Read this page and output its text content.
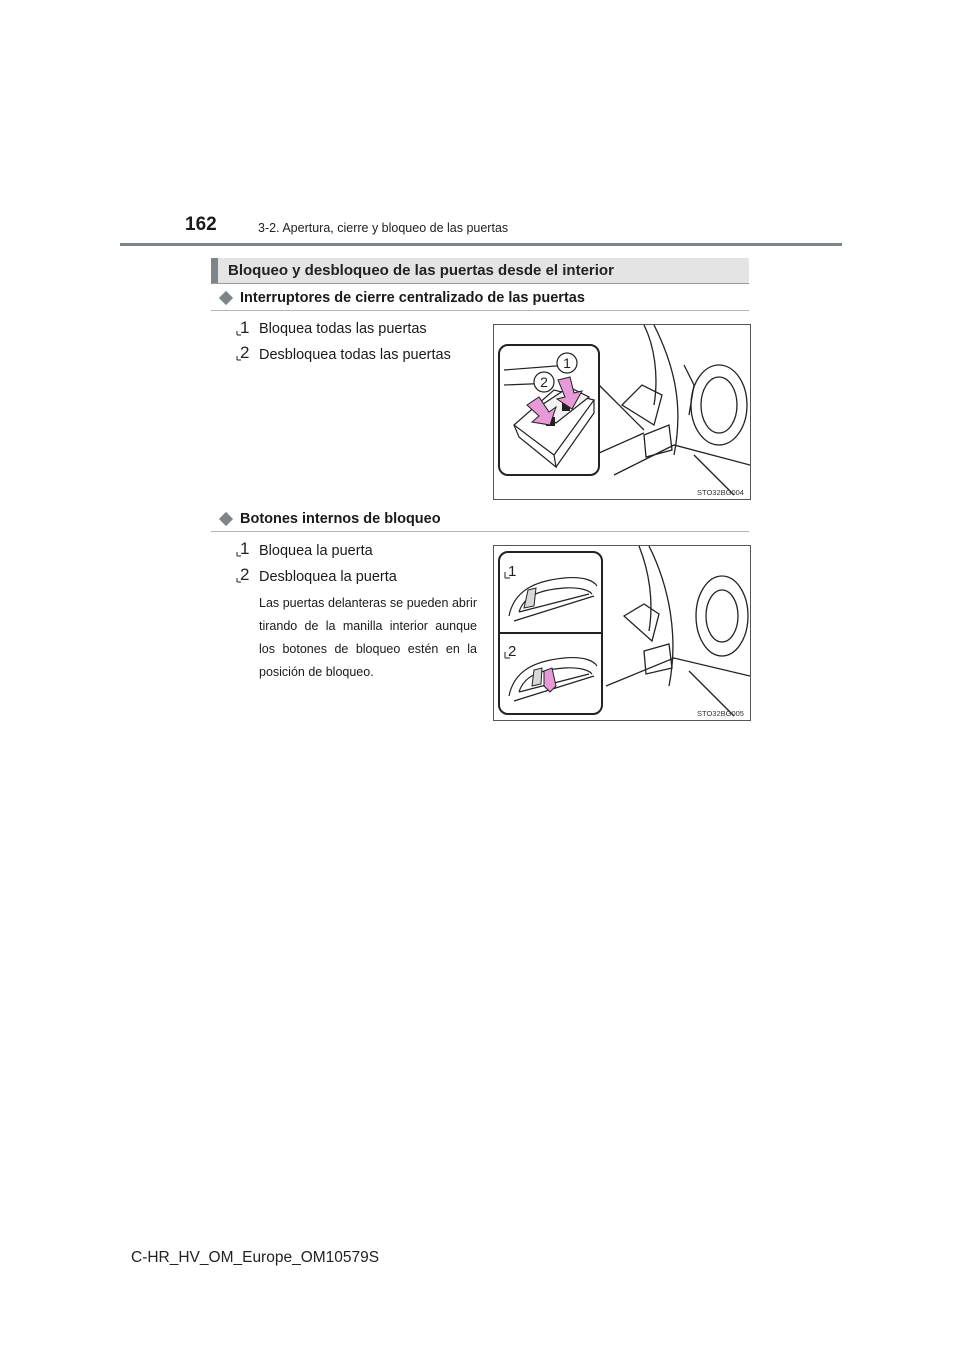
162	3-2. Apertura, cierre y bloqueo de las puertas
Bloqueo y desbloqueo de las puertas desde el interior
Interruptores de cierre centralizado de las puertas
1 Bloquea todas las puertas
2 Desbloquea todas las puertas
2
1
STO32BG004
Botones internos de bloqueo
1 Bloquea la puerta
2 Desbloquea la puerta
Las puertas delanteras se pueden abrir tirando de la manilla interior aunque los botones de bloqueo estén en la posición de bloqueo.
1
2
STO32BG005
C-HR_HV_OM_Europe_OM10579S
